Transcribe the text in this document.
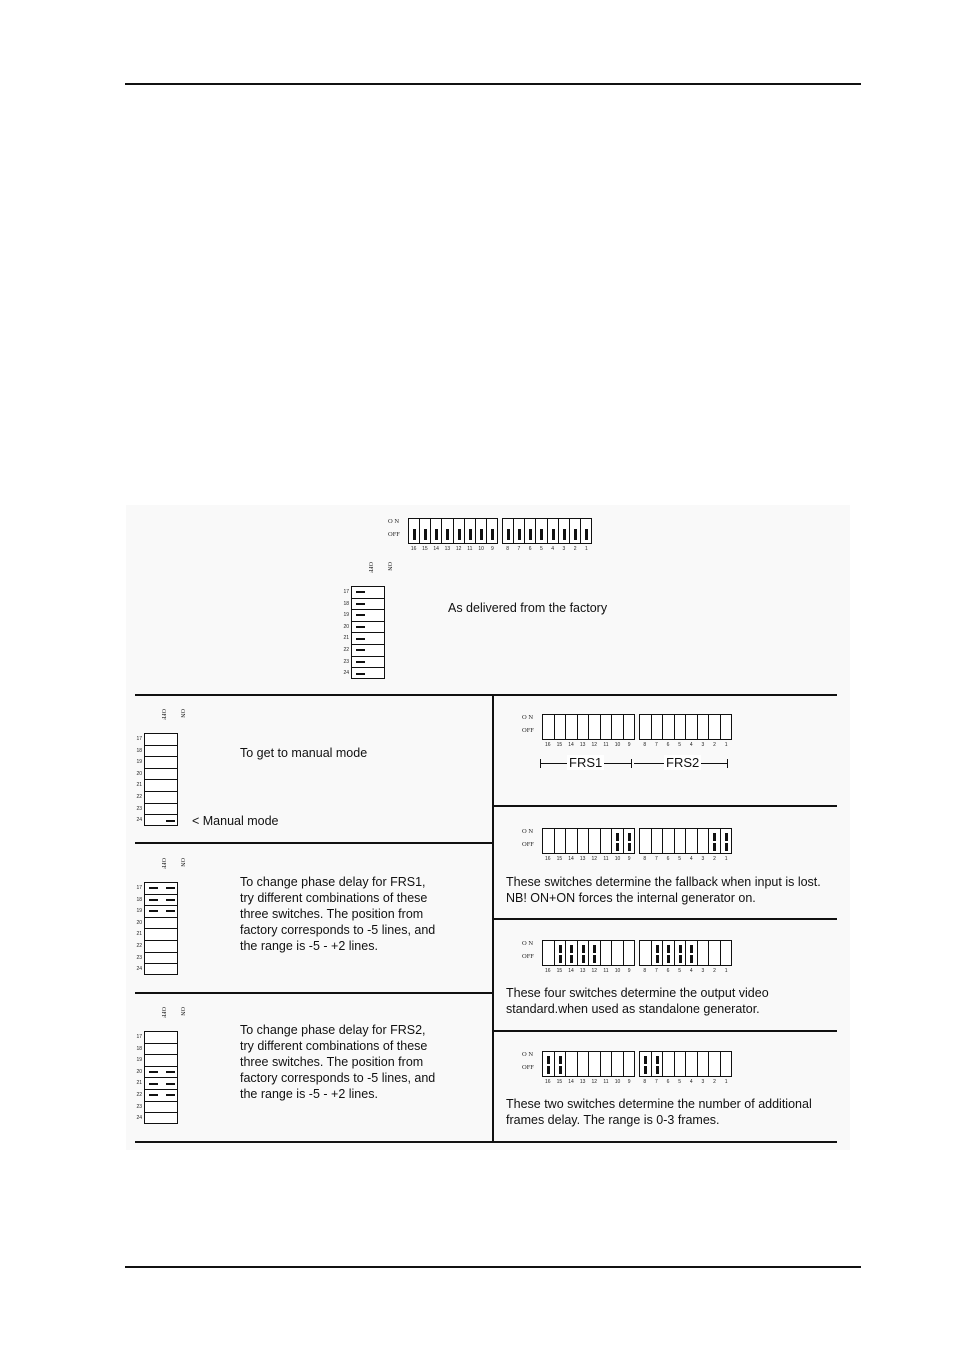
O N
OFF
16	15	14	13	12	11	10	9	8	7	6	5	4	3	2	1
OFF ON
17
18
19
20
21
22
23
24
As delivered from the factory
OFF ON
17
18
19
20
21
22
23
24
To get to manual mode
< Manual mode
OFF ON
17
18
19
20
21
22
23
24
To change phase delay for FRS1,
try different combinations of these
three switches. The position from
factory corresponds to -5 lines, and
the range is -5 - +2 lines.
OFF ON
17
18
19
20
21
22
23
24
To change phase delay for FRS2,
try different combinations of these
three switches. The position from
factory corresponds to -5 lines, and
the range is -5 - +2 lines.
O N
OFF
16	15	14	13	12	11	10	9	8	7	6	5	4	3	2	1
FRS1	FRS2
O N
OFF
16	15	14	13	12	11	10	9	8	7	6	5	4	3	2	1
These switches determine the fallback when input is lost.
NB! ON+ON forces the internal generator on.
O N
OFF
16	15	14	13	12	11	10	9	8	7	6	5	4	3	2	1
These four switches determine the output video
standard.when used as standalone generator.
O N
OFF
16	15	14	13	12	11	10	9	8	7	6	5	4	3	2	1
These two switches determine the number of additional
frames delay. The range is 0-3 frames.
